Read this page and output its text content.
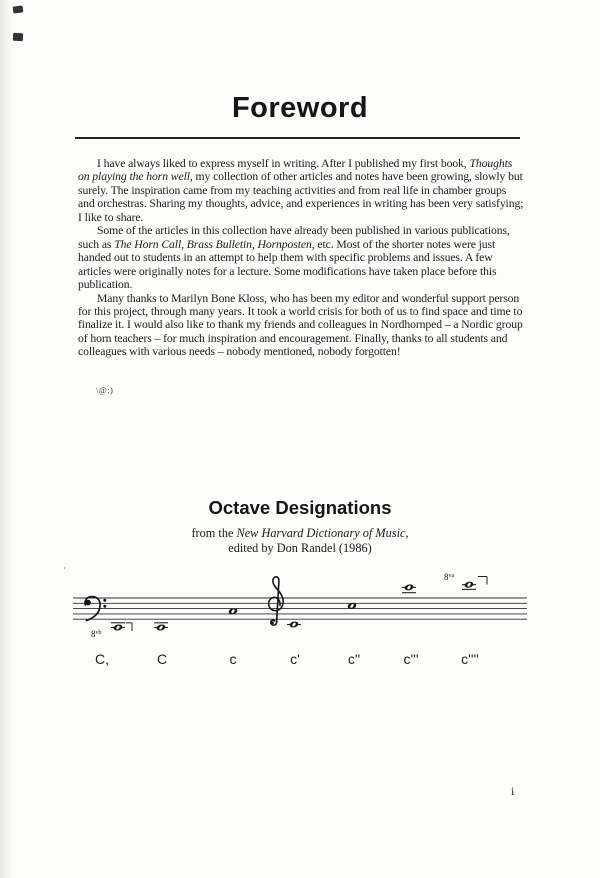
Foreword

I have always liked to express myself in writing. After I published my first book, Thoughts on playing the horn well, my collection of other articles and notes have been growing, slowly but surely. The inspiration came from my teaching activities and from real life in chamber groups and orchestras. Sharing my thoughts, advice, and experiences in writing has been very satisfying; I like to share.

Some of the articles in this collection have already been published in various publications, such as The Horn Call, Brass Bulletin, Hornposten, etc. Most of the shorter notes were just handed out to students in an attempt to help them with specific problems and issues. A few articles were originally notes for a lecture. Some modifications have taken place before this publication.

Many thanks to Marilyn Bone Kloss, who has been my editor and wonderful support person for this project, through many years. It took a world crisis for both of us to find space and time to finalize it. I would also like to thank my friends and colleagues in Nordhornped – a Nordic group of horn teachers – for much inspiration and encouragement. Finally, thanks to all students and colleagues with various needs – nobody mentioned, nobody forgotten!

\@:)
Octave Designations
from the New Harvard Dictionary of Music,
edited by Don Randel (1986)
'
$8^{vb}$
$8^{va}$
C,	C	c	c'	c''	c'''	c''''
i
